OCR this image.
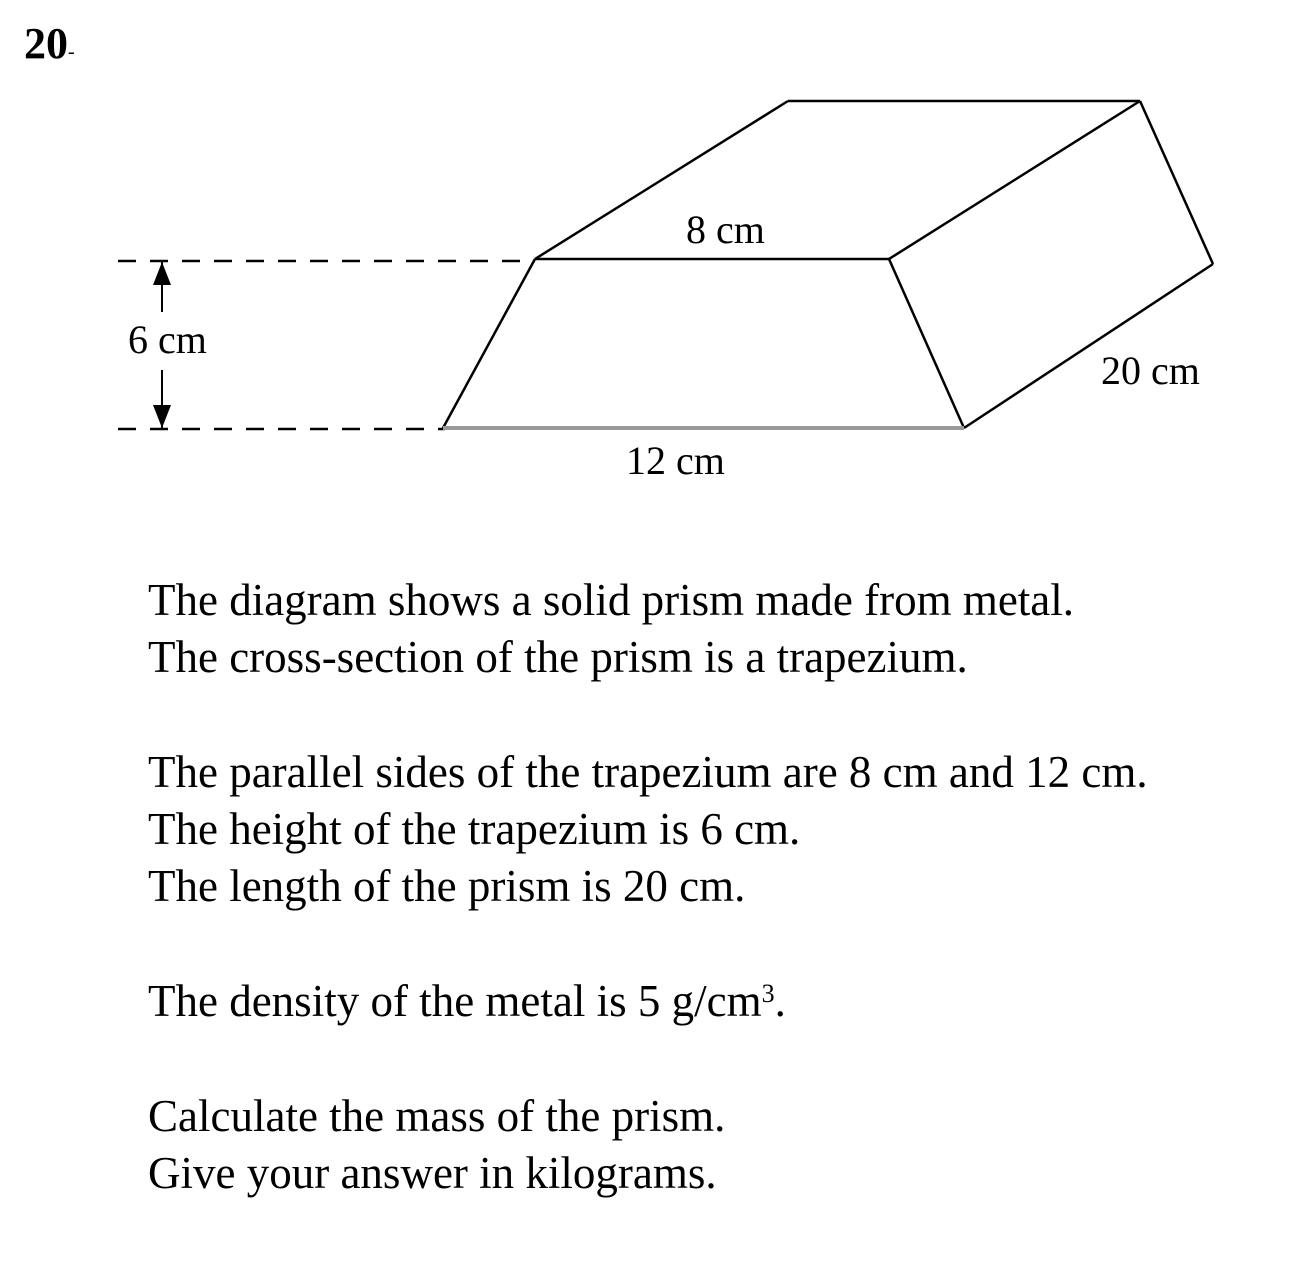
20-
8 cm
6 cm
20 cm
12 cm
The diagram shows a solid prism made from metal.
The cross-section of the prism is a trapezium.
The parallel sides of the trapezium are 8 cm and 12 cm.
The height of the trapezium is 6 cm.
The length of the prism is 20 cm.
The density of the metal is 5 $g/cm^3$.
Calculate the mass of the prism.
Give your answer in kilograms.
